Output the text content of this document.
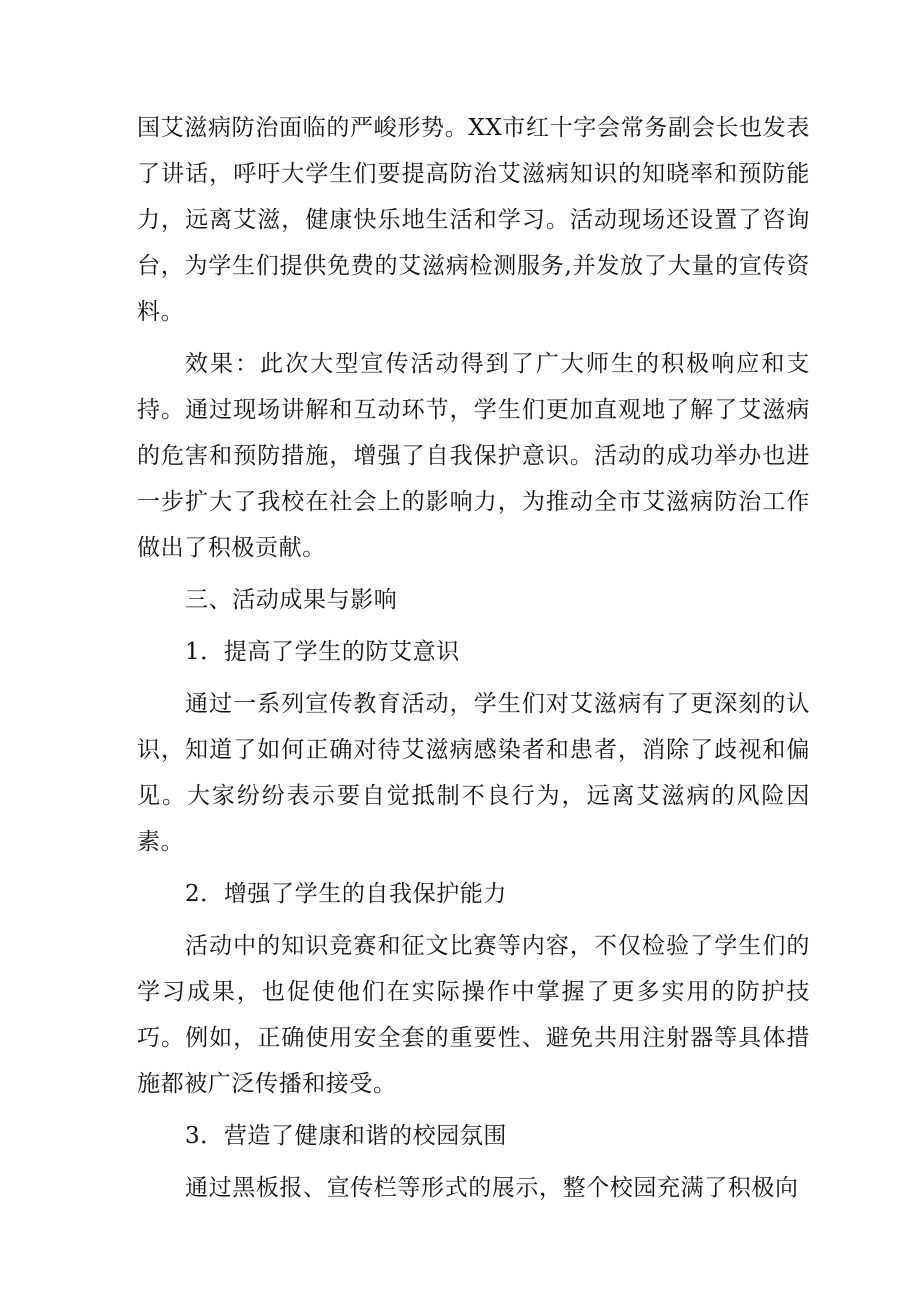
国艾滋病防治面临的严峻形势。XX市红十字会常务副会长也发表了讲话，呼吁大学生们要提高防治艾滋病知识的知晓率和预防能力，远离艾滋，健康快乐地生活和学习。活动现场还设置了咨询台，为学生们提供免费的艾滋病检测服务,并发放了大量的宣传资料。

效果：此次大型宣传活动得到了广大师生的积极响应和支持。通过现场讲解和互动环节，学生们更加直观地了解了艾滋病的危害和预防措施，增强了自我保护意识。活动的成功举办也进一步扩大了我校在社会上的影响力，为推动全市艾滋病防治工作做出了积极贡献。

三、活动成果与影响

1．提高了学生的防艾意识

通过一系列宣传教育活动，学生们对艾滋病有了更深刻的认识，知道了如何正确对待艾滋病感染者和患者，消除了歧视和偏见。大家纷纷表示要自觉抵制不良行为，远离艾滋病的风险因素。

2．增强了学生的自我保护能力

活动中的知识竞赛和征文比赛等内容，不仅检验了学生们的学习成果，也促使他们在实际操作中掌握了更多实用的防护技巧。例如，正确使用安全套的重要性、避免共用注射器等具体措施都被广泛传播和接受。

3．营造了健康和谐的校园氛围

通过黑板报、宣传栏等形式的展示，整个校园充满了积极向
